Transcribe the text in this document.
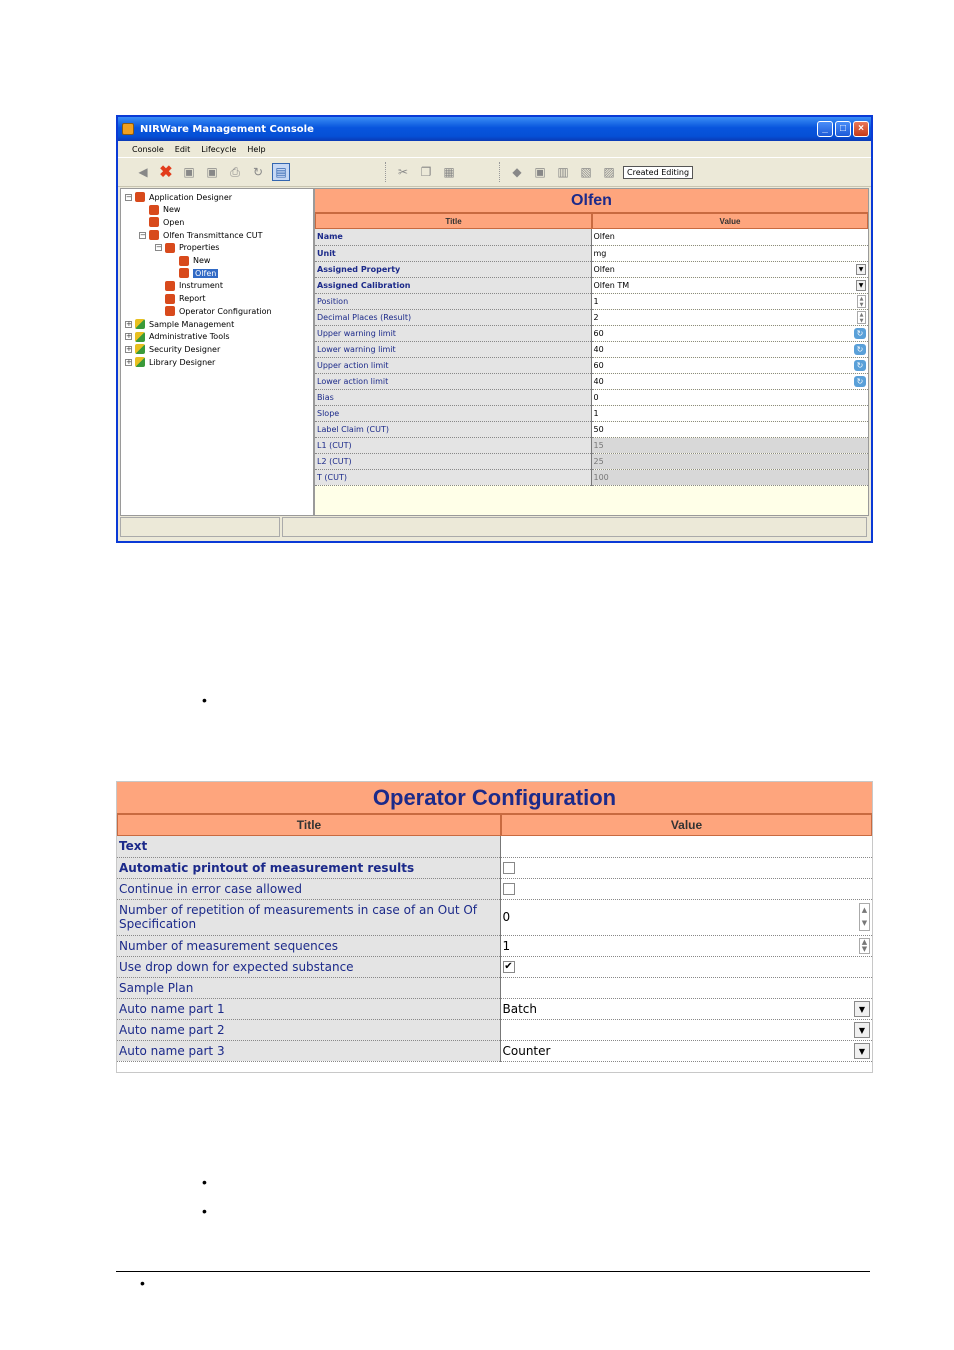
NIRWare Management Console	_	□	×
Console Edit Lifecycle Help
◀ ✖ ▣ ▣	⎙	↻	▤	✂	❐ ▦	◆	▣ ▥ ▧ ▨	Created Editing
− Application Designer
New
Open
− Olfen Transmittance CUT
− Properties
New
Olfen
Instrument
Report
Operator Configuration
+ Sample Management
+ Administrative Tools
+ Security Designer
+ Library Designer
Olfen
Title	Value
Name	Olfen
Unit	mg
Assigned Property	Olfen ▼

Assigned Calibration	Olfen TM ▼

Position	1 ▲
▼

Decimal Places (Result)	2 ▲
▼

Upper warning limit	60 ↻

Lower warning limit	40 ↻

Upper action limit	60 ↻

Lower action limit	40 ↻

Bias	0
Slope	1
Label Claim (CUT)	50
L1 (CUT)	15
L2 (CUT)	25
T (CUT)	100
•
Operator Configuration
Title	Value
Text	
Automatic printout of measurement results	
Continue in error case allowed	
Number of repetition of measurements in case of an Out Of Specification	0
▲
▼

Number of measurement sequences	1 ▲
▼

Use drop down for expected substance	✔
Sample Plan	
Auto name part 1	Batch ▼

Auto name part 2	▼

Auto name part 3	Counter ▼
•
•
•
